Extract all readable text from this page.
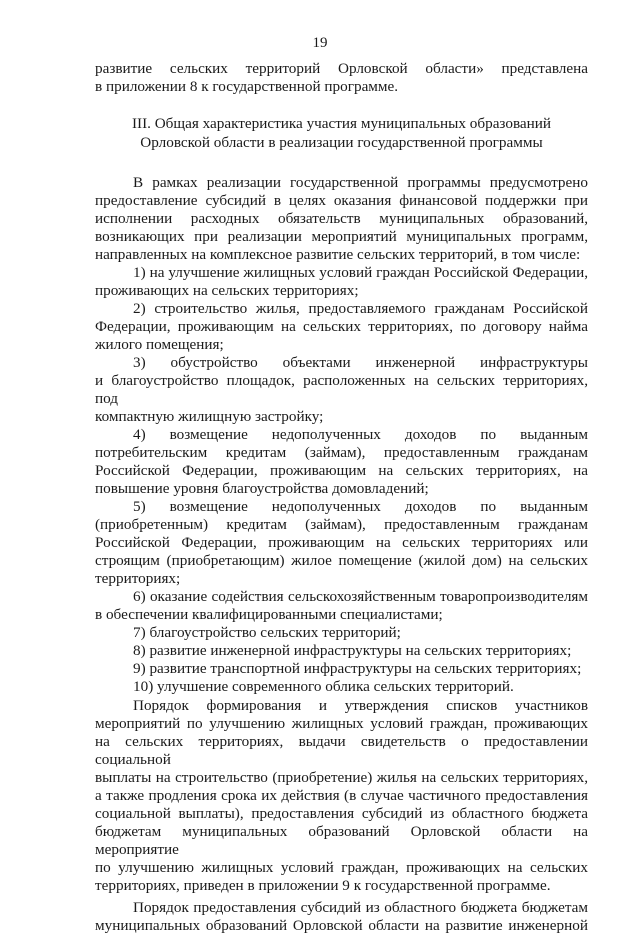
19

развитие сельских территорий Орловской области» представлена

в приложении 8 к государственной программе.

III. Общая характеристика участия муниципальных образований

Орловской области в реализации государственной программы

В рамках реализации государственной программы предусмотрено

предоставление субсидий в целях оказания финансовой поддержки при

исполнении расходных обязательств муниципальных образований,

возникающих при реализации мероприятий муниципальных программ,

направленных на комплексное развитие сельских территорий, в том числе:

1) на улучшение жилищных условий граждан Российской Федерации,

проживающих на сельских территориях;

2) строительство жилья, предоставляемого гражданам Российской

Федерации, проживающим на сельских территориях, по договору найма

жилого помещения;

3) обустройство объектами инженерной инфраструктуры

и благоустройство площадок, расположенных на сельских территориях, под

компактную жилищную застройку;

4) возмещение недополученных доходов по выданным

потребительским кредитам (займам), предоставленным гражданам

Российской Федерации, проживающим на сельских территориях, на

повышение уровня благоустройства домовладений;

5) возмещение недополученных доходов по выданным

(приобретенным) кредитам (займам), предоставленным гражданам

Российской Федерации, проживающим на сельских территориях или

строящим (приобретающим) жилое помещение (жилой дом) на сельских

территориях;

6) оказание содействия сельскохозяйственным товаропроизводителям

в обеспечении квалифицированными специалистами;

7) благоустройство сельских территорий;

8) развитие инженерной инфраструктуры на сельских территориях;

9) развитие транспортной инфраструктуры на сельских территориях;

10) улучшение современного облика сельских территорий.

Порядок формирования и утверждения списков участников

мероприятий по улучшению жилищных условий граждан, проживающих

на сельских территориях, выдачи свидетельств о предоставлении социальной

выплаты на строительство (приобретение) жилья на сельских территориях,

а также продления срока их действия (в случае частичного предоставления

социальной выплаты), предоставления субсидий из областного бюджета

бюджетам муниципальных образований Орловской области на мероприятие

по улучшению жилищных условий граждан, проживающих на сельских

территориях, приведен в приложении 9 к государственной программе.

Порядок предоставления субсидий из областного бюджета бюджетам

муниципальных образований Орловской области на развитие инженерной
